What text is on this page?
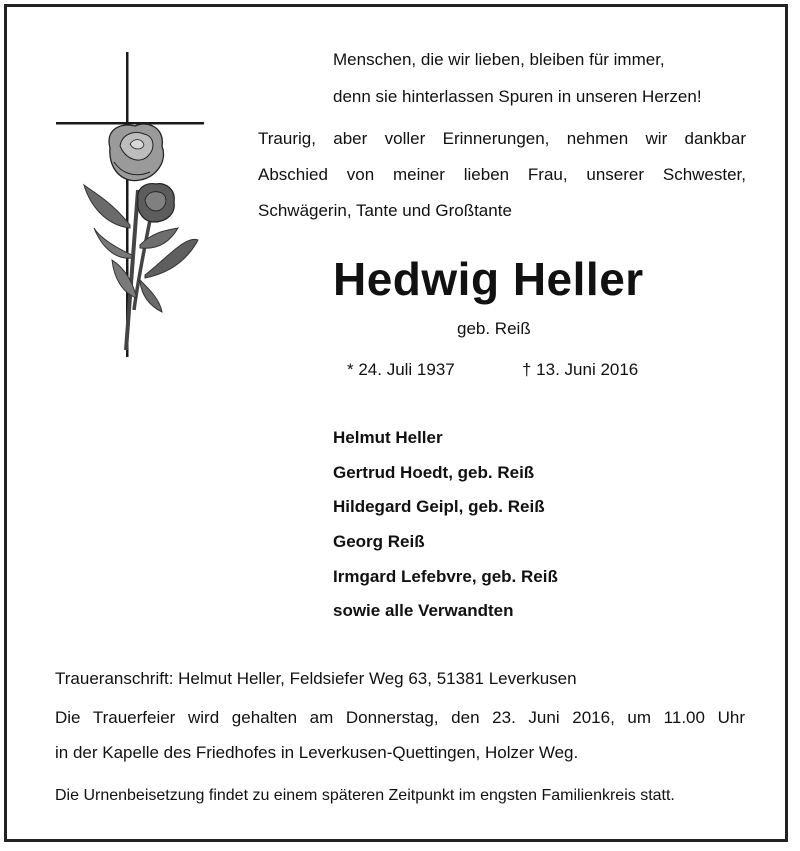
Menschen, die wir lieben, bleiben für immer,

denn sie hinterlassen Spuren in unseren Herzen!

Traurig, aber voller Erinnerungen, nehmen wir dankbar

Abschied von meiner lieben Frau, unserer Schwester,

Schwägerin, Tante und Großtante

Hedwig Heller

geb. Reiß

* 24. Juli 1937	† 13. Juni 2016

Helmut Heller
Gertrud Hoedt, geb. Reiß
Hildegard Geipl, geb. Reiß
Georg Reiß
Irmgard Lefebvre, geb. Reiß
sowie alle Verwandten

Traueranschrift: Helmut Heller, Feldsiefer Weg 63, 51381 Leverkusen

Die Trauerfeier wird gehalten am Donnerstag, den 23. Juni 2016, um 11.00 Uhr

in der Kapelle des Friedhofes in Leverkusen-Quettingen, Holzer Weg.

Die Urnenbeisetzung findet zu einem späteren Zeitpunkt im engsten Familienkreis statt.
